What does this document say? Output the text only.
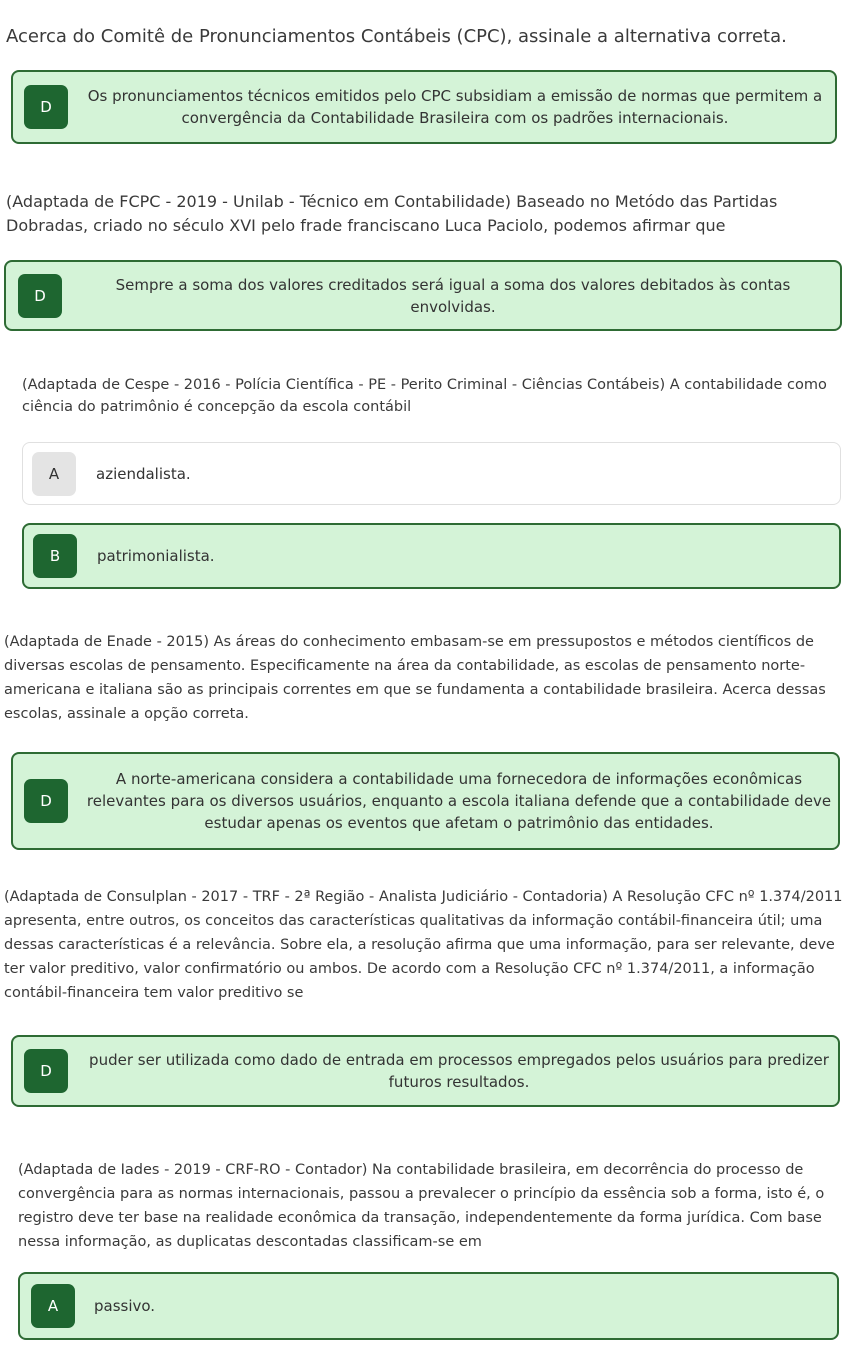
Acerca do Comitê de Pronunciamentos Contábeis (CPC), assinale a alternativa correta.

D
Os pronunciamentos técnicos emitidos pelo CPC subsidiam a emissão de normas que permitem a convergência da Contabilidade Brasileira com os padrões internacionais.

(Adaptada de FCPC - 2019 - Unilab - Técnico em Contabilidade) Baseado no Metódo das Partidas Dobradas, criado no século XVI pelo frade franciscano Luca Paciolo, podemos afirmar que

D
Sempre a soma dos valores creditados será igual a soma dos valores debitados às contas envolvidas.

(Adaptada de Cespe - 2016 - Polícia Científica - PE - Perito Criminal - Ciências Contábeis) A contabilidade como ciência do patrimônio é concepção da escola contábil

A	aziendalista.
B	patrimonialista.

(Adaptada de Enade - 2015) As áreas do conhecimento embasam-se em pressupostos e métodos científicos de diversas escolas de pensamento. Especificamente na área da contabilidade, as escolas de pensamento norte-americana e italiana são as principais correntes em que se fundamenta a contabilidade brasileira. Acerca dessas escolas, assinale a opção correta.

D
A norte-americana considera a contabilidade uma fornecedora de informações econômicas relevantes para os diversos usuários, enquanto a escola italiana defende que a contabilidade deve estudar apenas os eventos que afetam o patrimônio das entidades.

(Adaptada de Consulplan - 2017 - TRF - 2ª Região - Analista Judiciário - Contadoria) A Resolução CFC nº 1.374/2011 apresenta, entre outros, os conceitos das características qualitativas da informação contábil-financeira útil; uma dessas características é a relevância. Sobre ela, a resolução afirma que uma informação, para ser relevante, deve ter valor preditivo, valor confirmatório ou ambos. De acordo com a Resolução CFC nº 1.374/2011, a informação contábil-financeira tem valor preditivo se

D
puder ser utilizada como dado de entrada em processos empregados pelos usuários para predizer futuros resultados.

(Adaptada de Iades - 2019 - CRF-RO - Contador) Na contabilidade brasileira, em decorrência do processo de convergência para as normas internacionais, passou a prevalecer o princípio da essência sob a forma, isto é, o registro deve ter base na realidade econômica da transação, independentemente da forma jurídica. Com base nessa informação, as duplicatas descontadas classificam-se em

A	passivo.
